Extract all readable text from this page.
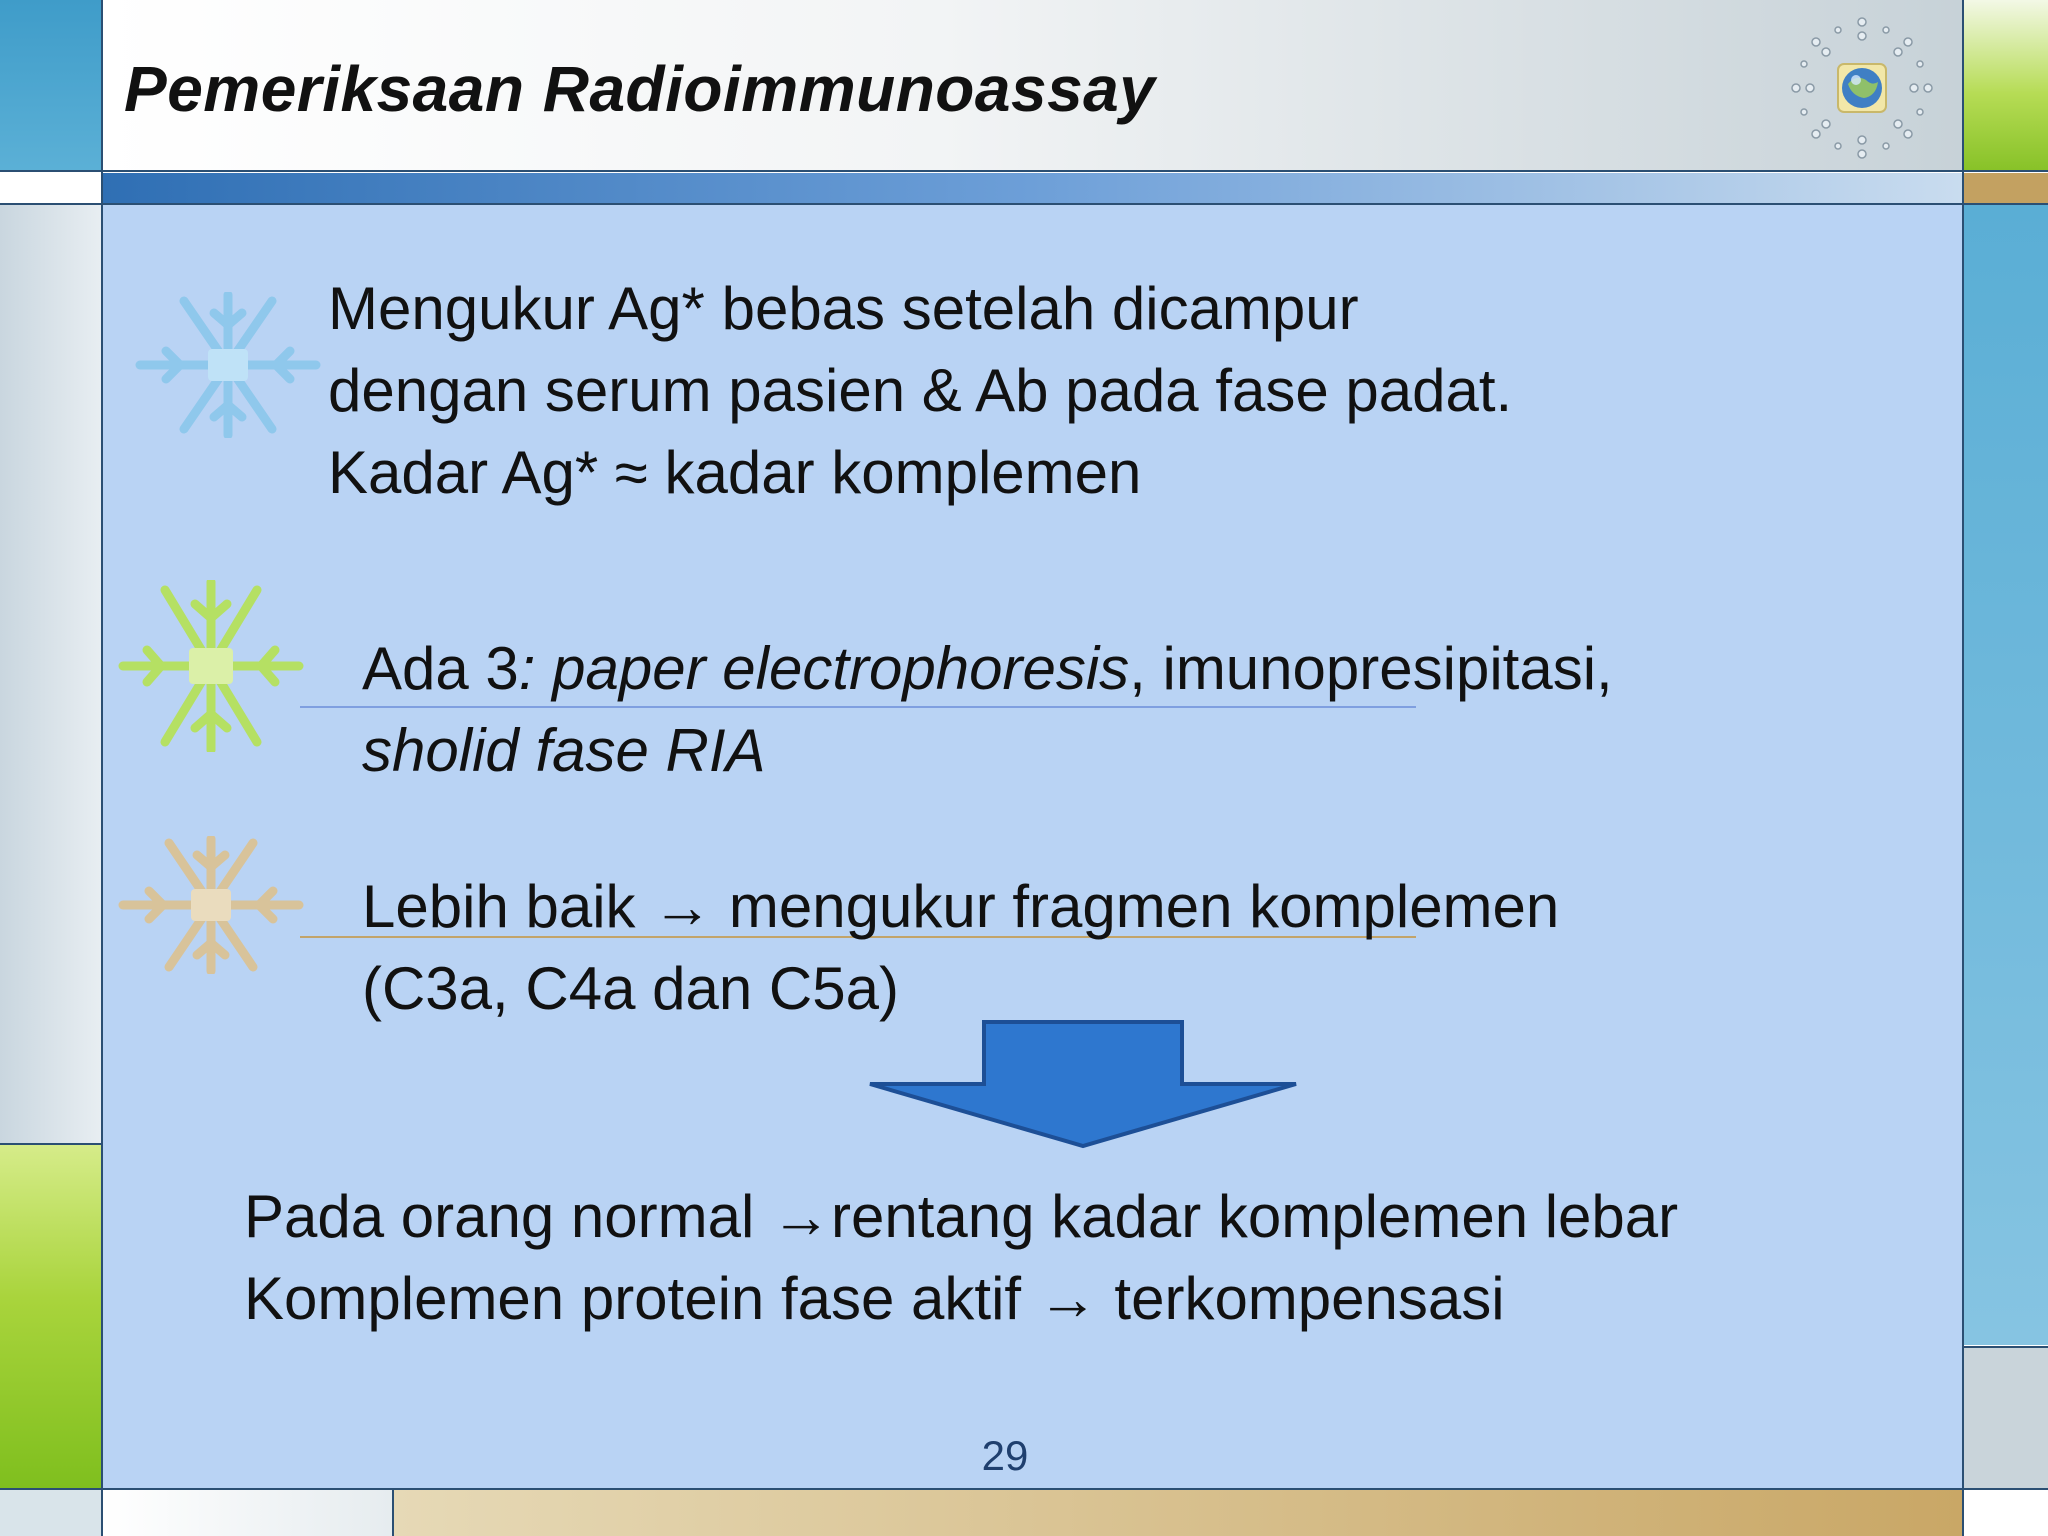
Pemeriksaan Radioimmunoassay
Mengukur Ag* bebas setelah dicampur
dengan serum pasien & Ab pada fase padat.
Kadar Ag* ≈ kadar komplemen
Ada 3: paper electrophoresis, imunopresipitasi,
sholid fase RIA
Lebih baik → mengukur fragmen komplemen
(C3a, C4a dan C5a)
Pada orang normal →rentang kadar komplemen lebar
Komplemen protein fase aktif → terkompensasi
29
